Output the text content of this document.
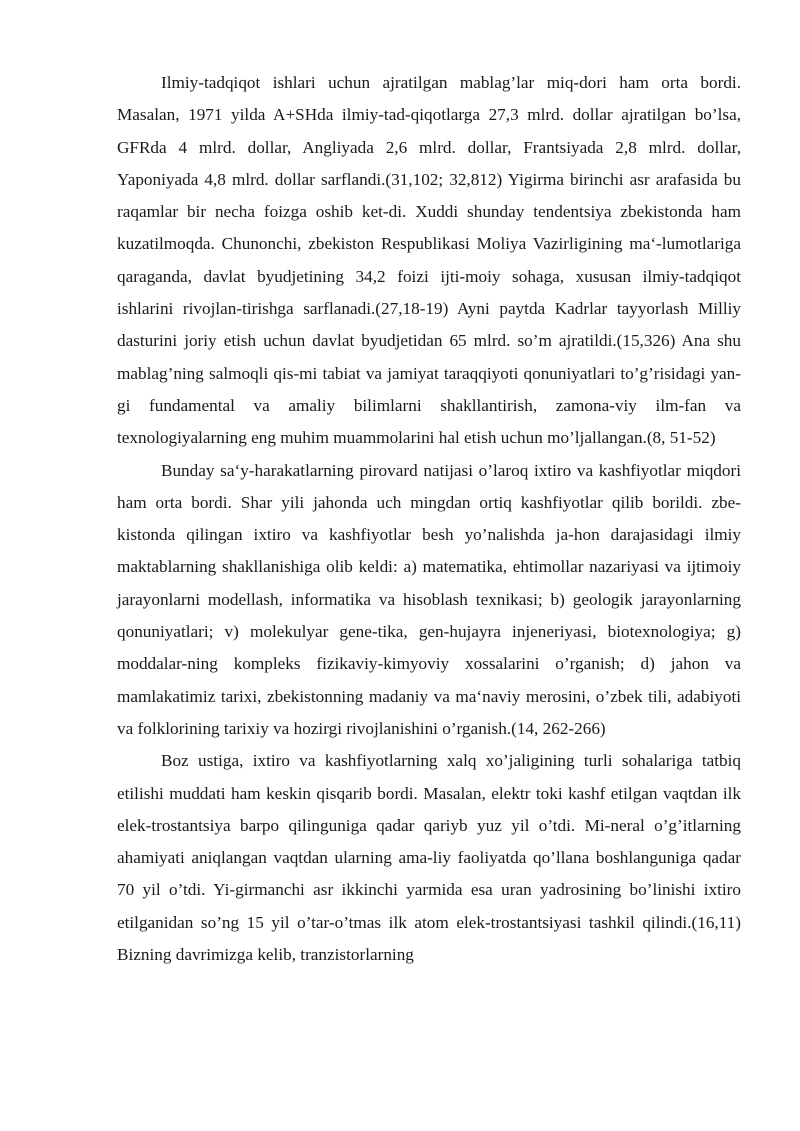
Ilmiy-tadqiqot ishlari uchun ajratilgan mablag’lar miq-dori ham orta bordi. Masalan, 1971 yilda A+SHda ilmiy-tad-qiqotlarga 27,3 mlrd. dollar ajratilgan bo’lsa, GFRda 4 mlrd. dollar, Angliyada 2,6 mlrd. dollar, Frantsiyada 2,8 mlrd. dollar, Yaponiyada 4,8 mlrd. dollar sarflandi.(31,102; 32,812) Yigirma birinchi asr arafasida bu raqamlar bir necha foizga oshib ket-di. Xuddi shunday tendentsiya zbekistonda ham kuzatilmoqda. Chunonchi, zbekiston Respublikasi Moliya Vazirligining ma‘-lumotlariga qaraganda, davlat byudjetining 34,2 foizi ijti-moiy sohaga, xususan ilmiy-tadqiqot ishlarini rivojlan-tirishga sarflanadi.(27,18-19) Ayni paytda Kadrlar tayyorlash Milliy dasturini joriy etish uchun davlat byudjetidan 65 mlrd. so’m ajratildi.(15,326) Ana shu mablag’ning salmoqli qis-mi tabiat va jamiyat taraqqiyoti qonuniyatlari to’g’risidagi yan-gi fundamental va amaliy bilimlarni shakllantirish, zamona-viy ilm-fan va texnologiyalarning eng muhim muammolarini hal etish uchun mo’ljallangan.(8, 51-52)

Bunday sa‘y-harakatlarning pirovard natijasi o’laroq ixtiro va kashfiyotlar miqdori ham orta bordi. Shar yili jahonda uch mingdan ortiq kashfiyotlar qilib borildi. zbe-kistonda qilingan ixtiro va kashfiyotlar besh yo’nalishda ja-hon darajasidagi ilmiy maktablarning shakllanishiga olib keldi: a) matematika, ehtimollar nazariyasi va ijtimoiy jarayonlarni modellash, informatika va hisoblash texnikasi; b) geologik jarayonlarning qonuniyatlari; v) molekulyar gene-tika, gen-hujayra injeneriyasi, biotexnologiya; g) moddalar-ning kompleks fizikaviy-kimyoviy xossalarini o’rganish; d) jahon va mamlakatimiz tarixi, zbekistonning madaniy va ma‘naviy merosini, o’zbek tili, adabiyoti va folklorining tarixiy va hozirgi rivojlanishini o’rganish.(14, 262-266)

Boz ustiga, ixtiro va kashfiyotlarning xalq xo’jaligining turli sohalariga tatbiq etilishi muddati ham keskin qisqarib bordi. Masalan, elektr toki kashf etilgan vaqtdan ilk elek-trostantsiya barpo qilinguniga qadar qariyb yuz yil o’tdi. Mi-neral o’g’itlarning ahamiyati aniqlangan vaqtdan ularning ama-liy faoliyatda qo’llana boshlanguniga qadar 70 yil o’tdi. Yi-girmanchi asr ikkinchi yarmida esa uran yadrosining bo’linishi ixtiro etilganidan so’ng 15 yil o’tar-o’tmas ilk atom elek-trostantsiyasi tashkil qilindi.(16,11) Bizning davrimizga kelib, tranzistorlarning
